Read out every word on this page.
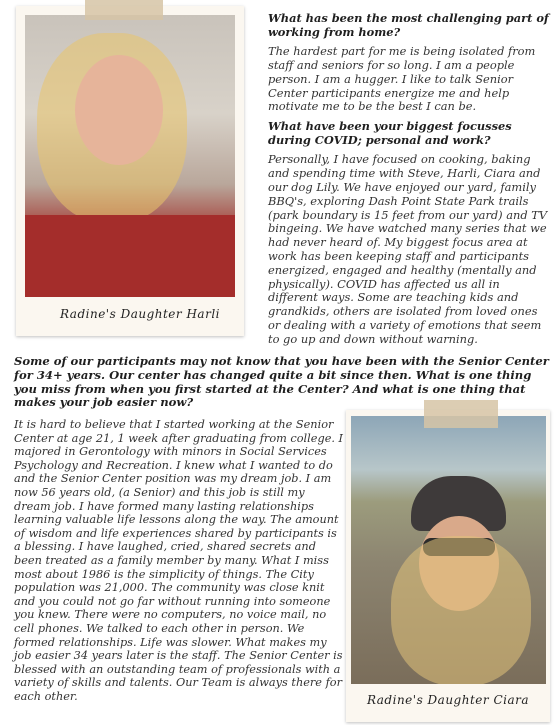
Radine's Daughter Harli

What has been the most challenging part of working from home?

The hardest part for me is being isolated from staff and seniors for so long. I am a people person. I am a hugger. I like to talk Senior Center participants energize me and help motivate me to be the best I can be.

What have been your biggest focusses during COVID; personal and work?

Personally, I have focused on cooking, baking and spending time with Steve, Harli, Ciara and our dog Lily. We have enjoyed our yard, family BBQ's, exploring Dash Point State Park trails (park boundary is 15 feet from our yard) and TV bingeing. We have watched many series that we had never heard of. My biggest focus area at work has been keeping staff and participants energized, engaged and healthy (mentally and physically). COVID has affected us all in different ways. Some are teaching kids and grandkids, others are isolated from loved ones or dealing with a variety of emotions that seem to go up and down without warning.

Some of our participants may not know that you have been with the Senior Center for 34+ years. Our center has changed quite a bit since then. What is one thing you miss from when you first started at the Center? And what is one thing that makes your job easier now?

It is hard to believe that I started working at the Senior Center at age 21, 1 week after graduating from college. I majored in Gerontology with minors in Social Services Psychology and Recreation. I knew what I wanted to do and the Senior Center position was my dream job. I am now 56 years old, (a Senior) and this job is still my dream job. I have formed many lasting relationships learning valuable life lessons along the way. The amount of wisdom and life experiences shared by participants is a blessing. I have laughed, cried, shared secrets and been treated as a family member by many. What I miss most about 1986 is the simplicity of things. The City population was 21,000. The community was close knit and you could not go far without running into someone you knew. There were no computers, no voice mail, no cell phones. We talked to each other in person. We formed relationships. Life was slower. What makes my job easier 34 years later is the staff. The Senior Center is blessed with an outstanding team of professionals with a variety of skills and talents. Our Team is always there for each other.	Radine's Daughter Ciara
